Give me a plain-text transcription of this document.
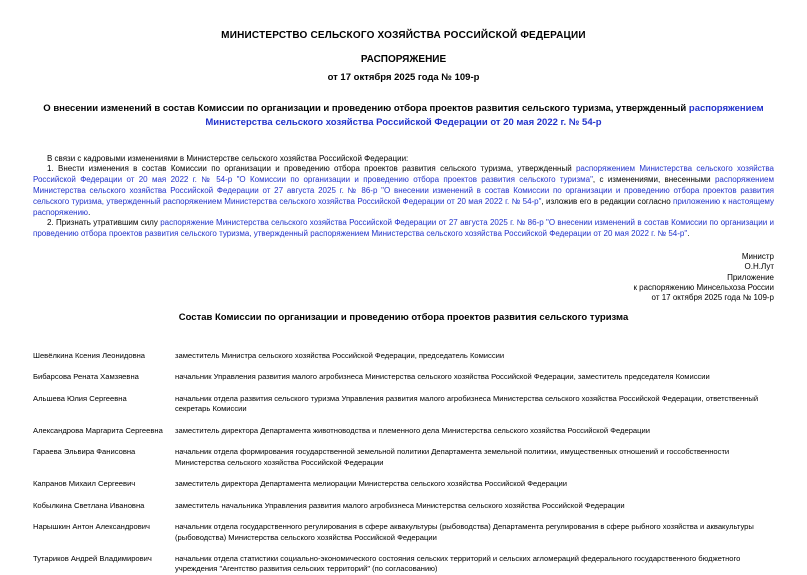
МИНИСТЕРСТВО СЕЛЬСКОГО ХОЗЯЙСТВА РОССИЙСКОЙ ФЕДЕРАЦИИ
РАСПОРЯЖЕНИЕ
от 17 октября 2025 года № 109-р
О внесении изменений в состав Комиссии по организации и проведению отбора проектов развития сельского туризма, утвержденный распоряжением Министерства сельского хозяйства Российской Федерации от 20 мая 2022 г. № 54-р
В связи с кадровыми изменениями в Министерстве сельского хозяйства Российской Федерации:
1. Внести изменения в состав Комиссии по организации и проведению отбора проектов развития сельского туризма, утвержденный распоряжением Министерства сельского хозяйства Российской Федерации от 20 мая 2022 г. № 54-р "О Комиссии по организации и проведению отбора проектов развития сельского туризма", с изменениями, внесенными распоряжением Министерства сельского хозяйства Российской Федерации от 27 августа 2025 г. № 86-р "О внесении изменений в состав Комиссии по организации и проведению отбора проектов развития сельского туризма, утвержденный распоряжением Министерства сельского хозяйства Российской Федерации от 20 мая 2022 г. № 54-р", изложив его в редакции согласно приложению к настоящему распоряжению.
2. Признать утратившим силу распоряжение Министерства сельского хозяйства Российской Федерации от 27 августа 2025 г. № 86-р "О внесении изменений в состав Комиссии по организации и проведению отбора проектов развития сельского туризма, утвержденный распоряжением Министерства сельского хозяйства Российской Федерации от 20 мая 2022 г. № 54-р".
Министр
О.Н.Лут
Приложение
к распоряжению Минсельхоза России
от 17 октября 2025 года № 109-р
Состав Комиссии по организации и проведению отбора проектов развития сельского туризма
Шевёлкина Ксения Леонидовна	заместитель Министра сельского хозяйства Российской Федерации, председатель Комиссии
Бибарсова Рената Хамзяевна	начальник Управления развития малого агробизнеса Министерства сельского хозяйства Российской Федерации, заместитель председателя Комиссии
Альшева Юлия Сергеевна	начальник отдела развития сельского туризма Управления развития малого агробизнеса Министерства сельского хозяйства Российской Федерации, ответственный секретарь Комиссии
Александрова Маргарита Сергеевна	заместитель директора Департамента животноводства и племенного дела Министерства сельского хозяйства Российской Федерации
Гараева Эльвира Фанисовна	начальник отдела формирования государственной земельной политики Департамента земельной политики, имущественных отношений и госсобственности Министерства сельского хозяйства Российской Федерации
Капранов Михаил Сергеевич	заместитель директора Департамента мелиорации Министерства сельского хозяйства Российской Федерации
Кобылкина Светлана Ивановна	заместитель начальника Управления развития малого агробизнеса Министерства сельского хозяйства Российской Федерации
Нарышкин Антон Александрович	начальник отдела государственного регулирования в сфере аквакультуры (рыбоводства) Департамента регулирования в сфере рыбного хозяйства и аквакультуры (рыбоводства) Министерства сельского хозяйства Российской Федерации
Тутариков Андрей Владимирович	начальник отдела статистики социально-экономического состояния сельских территорий и сельских агломераций федерального государственного бюджетного учреждения "Агентство развития сельских территорий" (по согласованию)
